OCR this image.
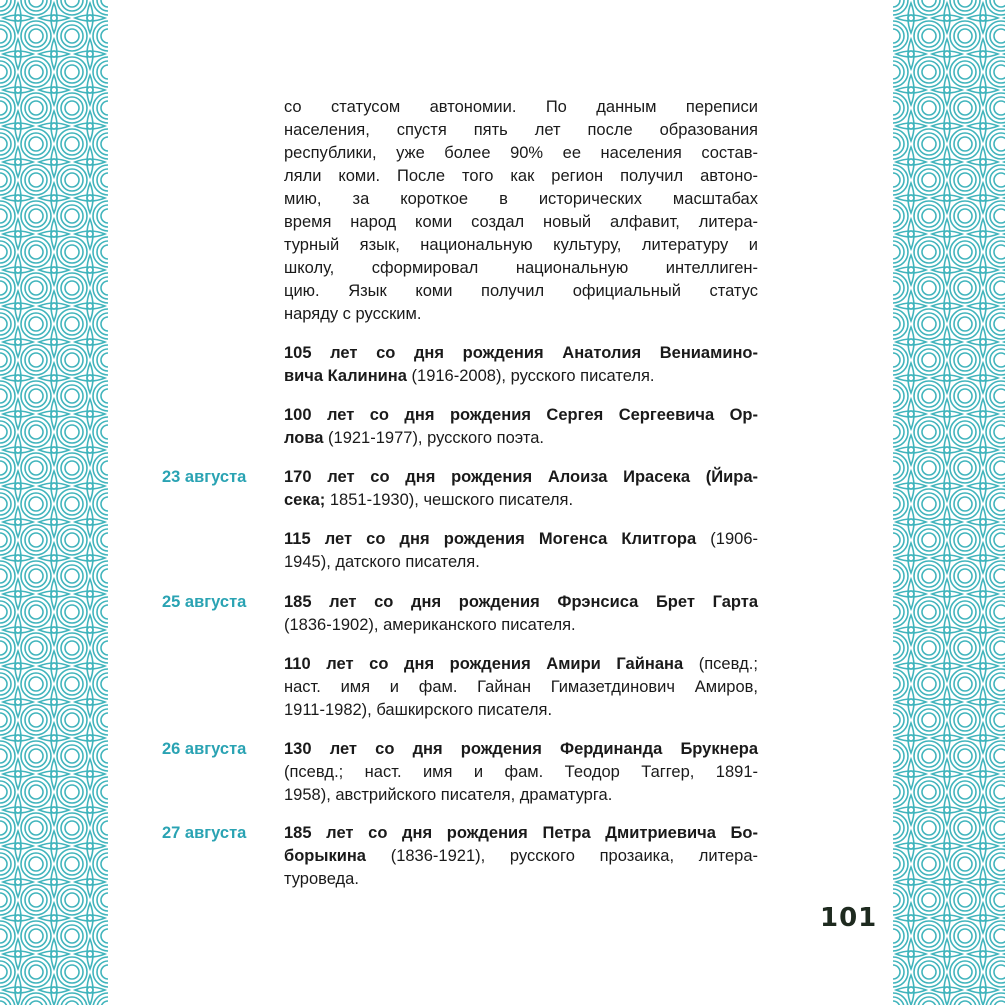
со статусом автономии. По данным переписи
населения, спустя пять лет после образования
республики, уже более 90% ее населения состав-
ляли коми. После того как регион получил автоно-
мию, за короткое в исторических масштабах
время народ коми создал новый алфавит, литера-
турный язык, национальную культуру, литературу и
школу, сформировал национальную интеллиген-
цию. Язык коми получил официальный статус
наряду с русским.
105 лет со дня рождения Анатолия Вениамино-
вича Калинина (1916-2008), русского писателя.
100 лет со дня рождения Сергея Сергеевича Ор-
лова (1921-1977), русского поэта.
23 августа	170 лет со дня рождения Алоиза Ирасека (Йира-
сека; 1851-1930), чешского писателя.
115 лет со дня рождения Могенса Клитгора (1906-
1945), датского писателя.
25 августа	185 лет со дня рождения Фрэнсиса Брет Гарта
(1836-1902), американского писателя.
110 лет со дня рождения Амири Гайнана (псевд.;
наст. имя и фам. Гайнан Гимазетдинович Амиров,
1911-1982), башкирского писателя.
26 августа	130 лет со дня рождения Фердинанда Брукнера
(псевд.; наст. имя и фам. Теодор Таггер, 1891-
1958), австрийского писателя, драматурга.
27 августа	185 лет со дня рождения Петра Дмитриевича Бо-
борыкина (1836-1921), русского прозаика, литера-
туроведа.
101
